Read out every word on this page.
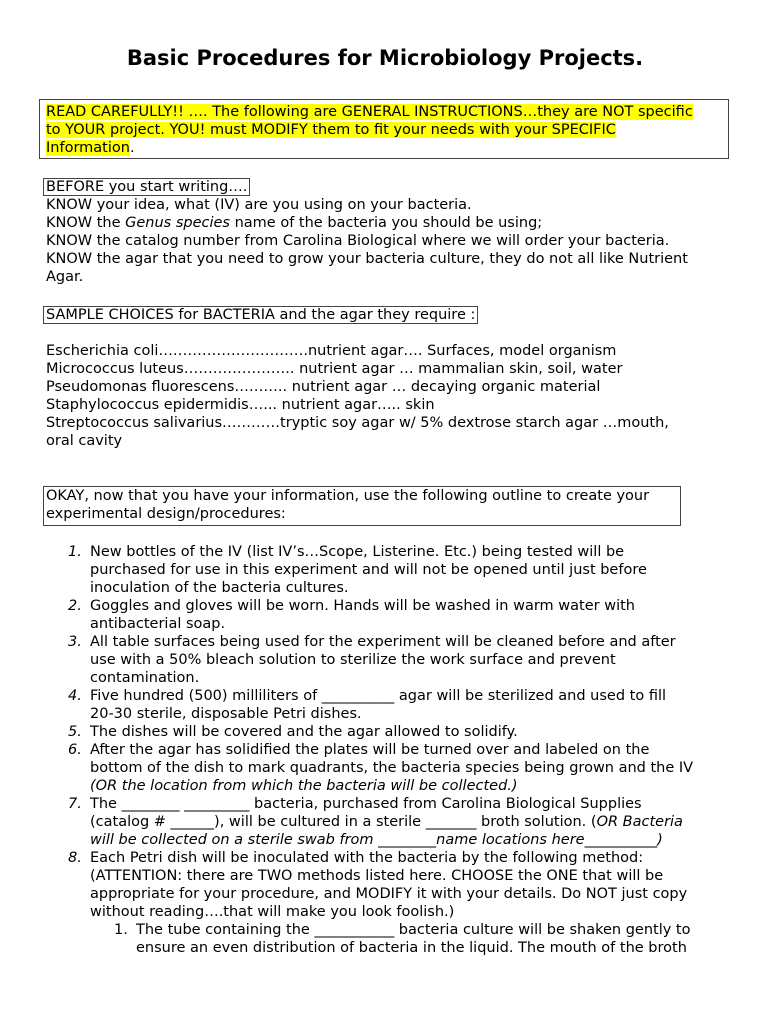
Basic Procedures for Microbiology Projects.
READ CAREFULLY!! …. The following are GENERAL INSTRUCTIONS…they are NOT specific
to YOUR project. YOU! must MODIFY them to fit your needs with your SPECIFIC
Information.
BEFORE you start writing….
KNOW your idea, what (IV) are you using on your bacteria.
KNOW the Genus species name of the bacteria you should be using;
KNOW the catalog number from Carolina Biological where we will order your bacteria.
KNOW the agar that you need to grow your bacteria culture, they do not all like Nutrient
Agar.
SAMPLE CHOICES for BACTERIA and the agar they require :
Escherichia coli………………………….nutrient agar…. Surfaces, model organism
Micrococcus luteus………………….. nutrient agar … mammalian skin, soil, water
Pseudomonas fluorescens……….. nutrient agar … decaying organic material
Staphylococcus epidermidis…... nutrient agar….. skin
Streptococcus salivarius…………tryptic soy agar w/ 5% dextrose starch agar …mouth,
oral cavity
OKAY, now that you have your information, use the following outline to create your
experimental design/procedures:
1. New bottles of the IV (list IV’s…Scope, Listerine. Etc.) being tested will be
purchased for use in this experiment and will not be opened until just before
inoculation of the bacteria cultures.
2. Goggles and gloves will be worn. Hands will be washed in warm water with
antibacterial soap.
3. All table surfaces being used for the experiment will be cleaned before and after
use with a 50% bleach solution to sterilize the work surface and prevent
contamination.
4. Five hundred (500) milliliters of __________ agar will be sterilized and used to fill
20-30 sterile, disposable Petri dishes.
5. The dishes will be covered and the agar allowed to solidify.
6. After the agar has solidified the plates will be turned over and labeled on the
bottom of the dish to mark quadrants, the bacteria species being grown and the IV
(OR the location from which the bacteria will be collected.)
7. The ________ _________ bacteria, purchased from Carolina Biological Supplies
(catalog # ______), will be cultured in a sterile _______ broth solution. (OR Bacteria
will be collected on a sterile swab from ________name locations here__________)
8. Each Petri dish will be inoculated with the bacteria by the following method:
(ATTENTION: there are TWO methods listed here. CHOOSE the ONE that will be
appropriate for your procedure, and MODIFY it with your details. Do NOT just copy
without reading….that will make you look foolish.)
1. The tube containing the ___________ bacteria culture will be shaken gently to
ensure an even distribution of bacteria in the liquid. The mouth of the broth
